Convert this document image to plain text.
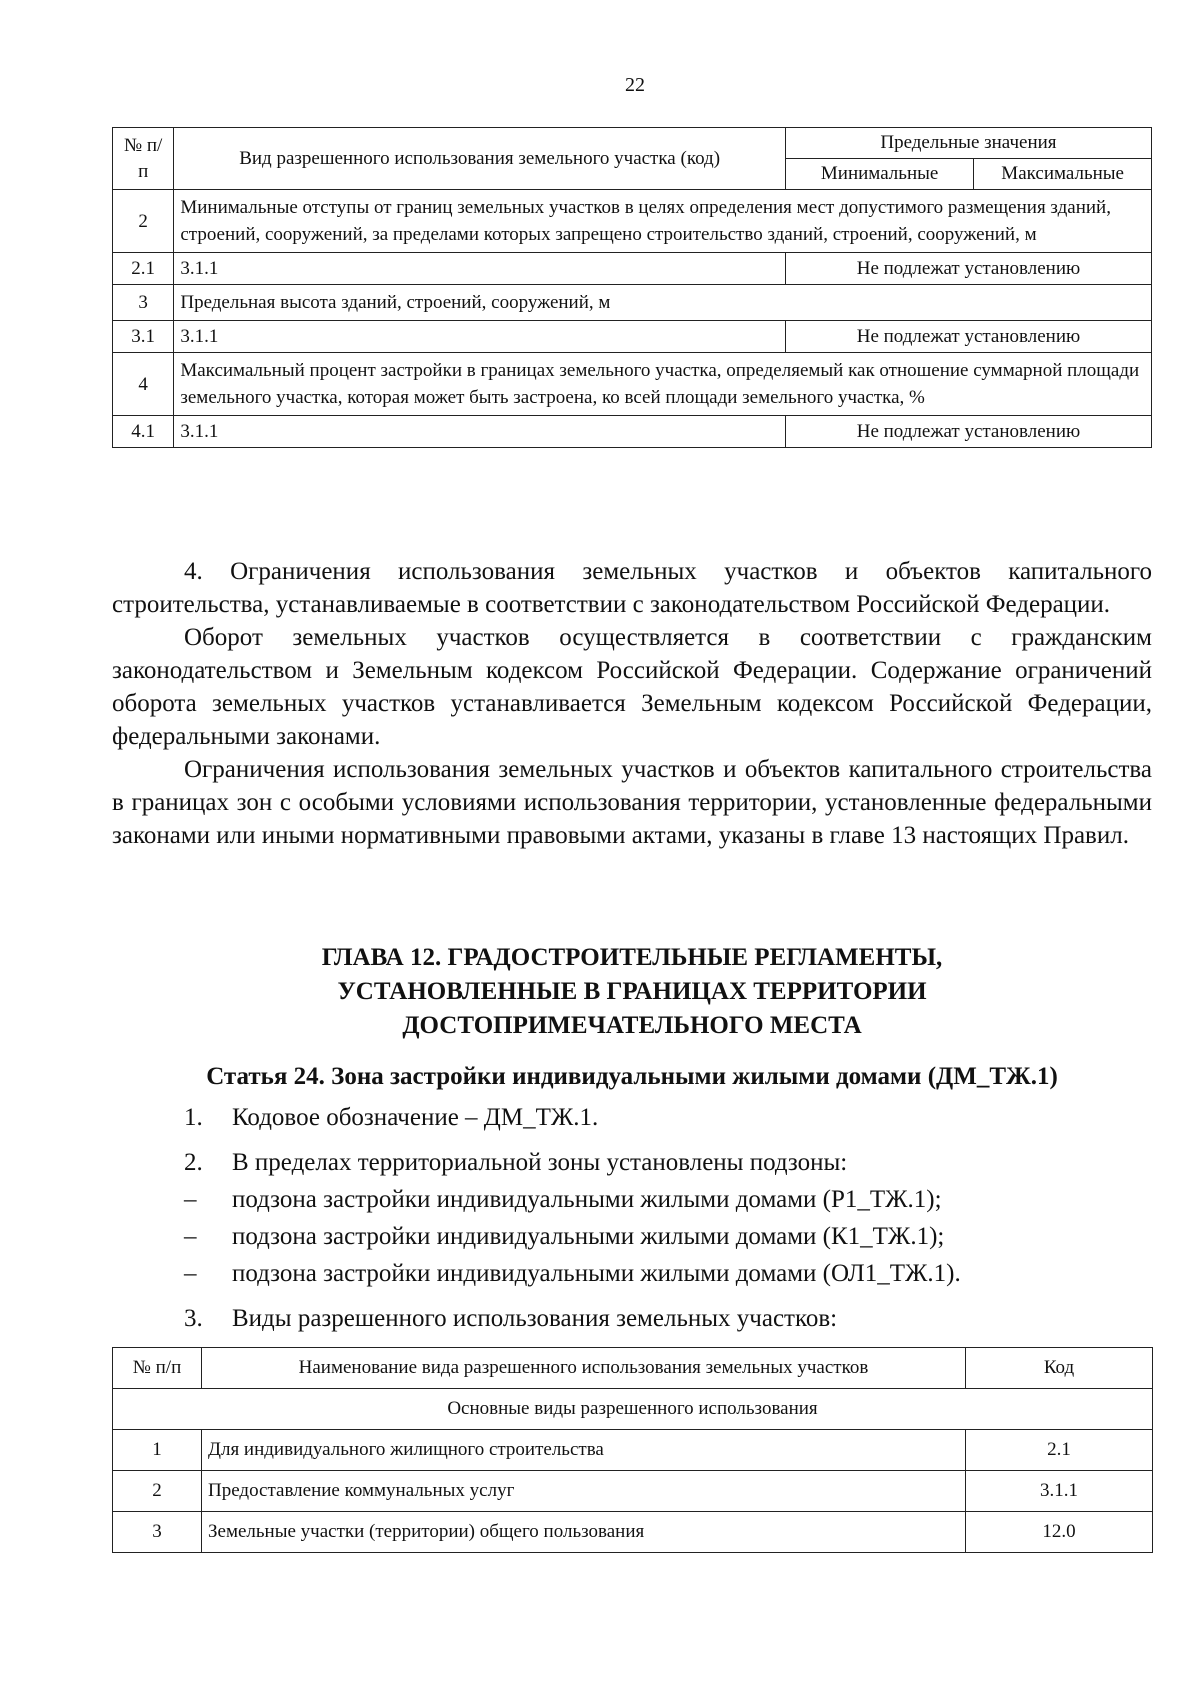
22
№ п/п	Вид разрешенного использования земельного участка (код)	Предельные значения	
		Минимальные	Максимальные
2	Минимальные отступы от границ земельных участков в целях определения мест допустимого размещения зданий, строений, сооружений, за пределами которых запрещено строительство зданий, строений, сооружений, м		
2.1	3.1.1	Не подлежат установлению	
3	Предельная высота зданий, строений, сооружений, м		
3.1	3.1.1	Не подлежат установлению	
4	Максимальный процент застройки в границах земельного участка, определяемый как отношение суммарной площади земельного участка, которая может быть застроена, ко всей площади земельного участка, %		
4.1	3.1.1	Не подлежат установлению	

4. Ограничения использования земельных участков и объектов капитального строительства, устанавливаемые в соответствии с законодательством Российской Федерации.

Оборот земельных участков осуществляется в соответствии с гражданским законодательством и Земельным кодексом Российской Федерации. Содержание ограничений оборота земельных участков устанавливается Земельным кодексом Российской Федерации, федеральными законами.

Ограничения использования земельных участков и объектов капитального строительства в границах зон с особыми условиями использования территории, установленные федеральными законами или иными нормативными правовыми актами, указаны в главе 13 настоящих Правил.

ГЛАВА 12. ГРАДОСТРОИТЕЛЬНЫЕ РЕГЛАМЕНТЫ,
УСТАНОВЛЕННЫЕ В ГРАНИЦАХ ТЕРРИТОРИИ
ДОСТОПРИМЕЧАТЕЛЬНОГО МЕСТА
Статья 24. Зона застройки индивидуальными жилыми домами (ДМ_ТЖ.1)
1.	Кодовое обозначение – ДМ_ТЖ.1.
2.	В пределах территориальной зоны установлены подзоны:
–	подзона застройки индивидуальными жилыми домами (Р1_ТЖ.1);
–	подзона застройки индивидуальными жилыми домами (К1_ТЖ.1);
–	подзона застройки индивидуальными жилыми домами (ОЛ1_ТЖ.1).
3.	Виды разрешенного использования земельных участков:
№ п/п	Наименование вида разрешенного использования земельных участков	Код
Основные виды разрешенного использования		
1	Для индивидуального жилищного строительства	2.1
2	Предоставление коммунальных услуг	3.1.1
3	Земельные участки (территории) общего пользования	12.0
